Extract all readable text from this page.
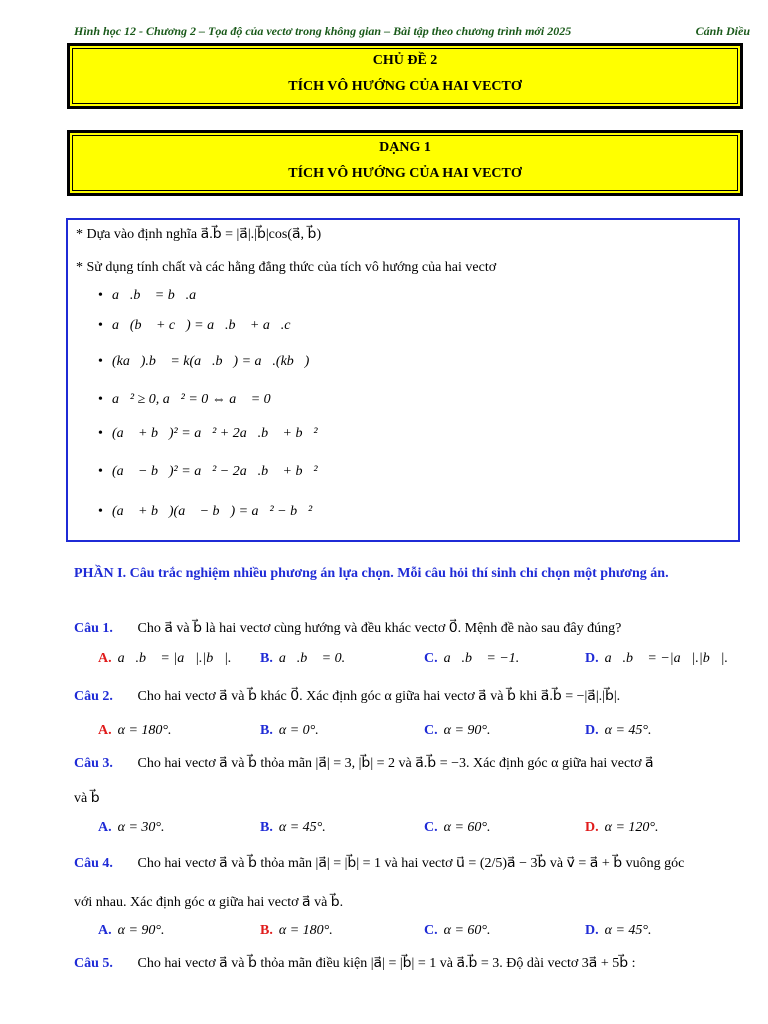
Hình học 12 - Chương 2 – Tọa độ của vectơ trong không gian – Bài tập theo chương trình mới 2025	Cánh Diều
CHỦ ĐỀ 2
TÍCH VÔ HƯỚNG CỦA HAI VECTƠ
DẠNG 1
TÍCH VÔ HƯỚNG CỦA HAI VECTƠ
* Dựa vào định nghĩa a⃗.b⃗ = |a⃗|.|b⃗|cos(a⃗, b⃗)
* Sử dụng tính chất và các hằng đẳng thức của tích vô hướng của hai vectơ
• a⃗.b⃗ = b⃗.a⃗
• a⃗(b⃗ + c⃗) = a⃗.b⃗ + a⃗.c⃗
• (ka⃗).b⃗ = k(a⃗.b⃗) = a⃗.(kb⃗)
• a⃗² ≥ 0, a⃗² = 0 ⇔ a⃗ = 0
• (a⃗ + b⃗)² = a⃗² + 2a⃗.b⃗ + b⃗²
• (a⃗ − b⃗)² = a⃗² − 2a⃗.b⃗ + b⃗²
• (a⃗ + b⃗)(a⃗ − b⃗) = a⃗² − b⃗²
PHẦN I. Câu trắc nghiệm nhiều phương án lựa chọn. Mỗi câu hỏi thí sinh chỉ chọn một phương án.
Câu 1. Cho a⃗ và b⃗ là hai vectơ cùng hướng và đều khác vectơ 0⃗. Mệnh đề nào sau đây đúng?
A. a⃗.b⃗ = |a⃗|.|b⃗|. B. a⃗.b⃗ = 0.	C. a⃗.b⃗ = −1.	D. a⃗.b⃗ = −|a⃗|.|b⃗|.
Câu 2. Cho hai vectơ a⃗ và b⃗ khác 0⃗. Xác định góc α giữa hai vectơ a⃗ và b⃗ khi a⃗.b⃗ = −|a⃗|.|b⃗|.
A. α = 180°.	B. α = 0°.	C. α = 90°.	D. α = 45°.
Câu 3. Cho hai vectơ a⃗ và b⃗ thỏa mãn |a⃗| = 3, |b⃗| = 2 và a⃗.b⃗ = −3. Xác định góc α giữa hai vectơ a⃗
và b⃗
A. α = 30°.	B. α = 45°.	C. α = 60°.	D. α = 120°.
Câu 4. Cho hai vectơ a⃗ và b⃗ thỏa mãn |a⃗| = |b⃗| = 1 và hai vectơ u⃗ = (2/5)a⃗ − 3b⃗ và v⃗ = a⃗ + b⃗ vuông góc
với nhau. Xác định góc α giữa hai vectơ a⃗ và b⃗.
A. α = 90°.	B. α = 180°.	C. α = 60°.	D. α = 45°.
Câu 5. Cho hai vectơ a⃗ và b⃗ thỏa mãn điều kiện |a⃗| = |b⃗| = 1 và a⃗.b⃗ = 3. Độ dài vectơ 3a⃗ + 5b⃗ :
